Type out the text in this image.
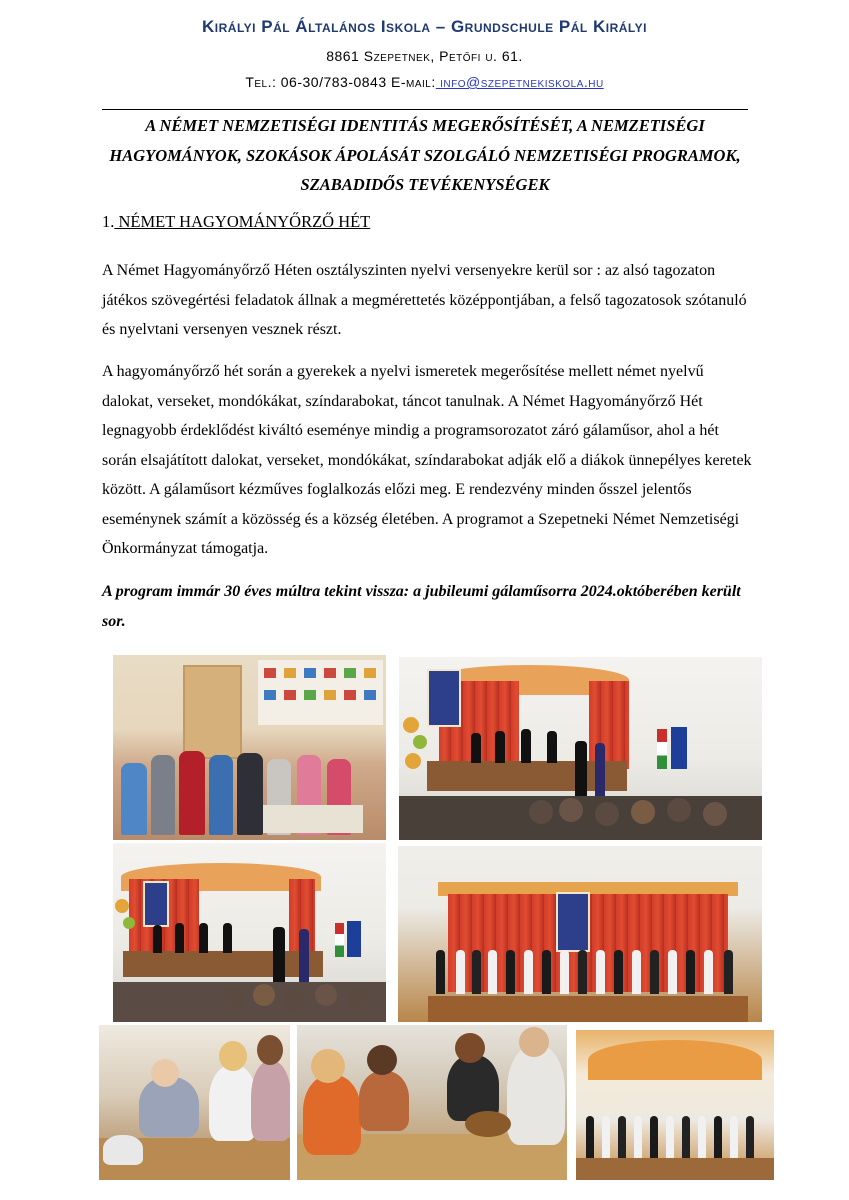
Királyi Pál Általános Iskola – Grundschule Pál Királyi
8861 Szepetnek, Petőfi u. 61.
Tel.: 06-30/783-0843 E-mail: info@szepetnekiskola.hu
A NÉMET NEMZETISÉGI IDENTITÁS MEGERŐSÍTÉSÉT, A NEMZETISÉGI
HAGYOMÁNYOK, SZOKÁSOK ÁPOLÁSÁT SZOLGÁLÓ NEMZETISÉGI PROGRAMOK,
SZABADIDŐS TEVÉKENYSÉGEK
1. NÉMET HAGYOMÁNYŐRZŐ HÉT
A Német Hagyományőrző Héten osztályszinten nyelvi versenyekre kerül sor : az alsó tagozaton játékos szövegértési feladatok állnak a megmérettetés középpontjában, a felső tagozatosok szótanuló és nyelvtani versenyen vesznek részt.
A hagyományőrző hét során a gyerekek a nyelvi ismeretek megerősítése mellett német nyelvű dalokat, verseket, mondókákat, színdarabokat, táncot tanulnak. A Német Hagyományőrző Hét legnagyobb érdeklődést kiváltó eseménye mindig a programsorozatot záró gálaműsor, ahol a hét során elsajátított dalokat, verseket, mondókákat, színdarabokat adják elő a diákok ünnepélyes keretek között. A gálaműsort kézműves foglalkozás előzi meg. E rendezvény minden ősszel jelentős eseménynek számít a közösség és a község életében. A programot a Szepetneki Német Nemzetiségi Önkormányzat támogatja.
A program immár 30 éves múltra tekint vissza: a jubileumi gálaműsorra 2024.októberében került sor.
